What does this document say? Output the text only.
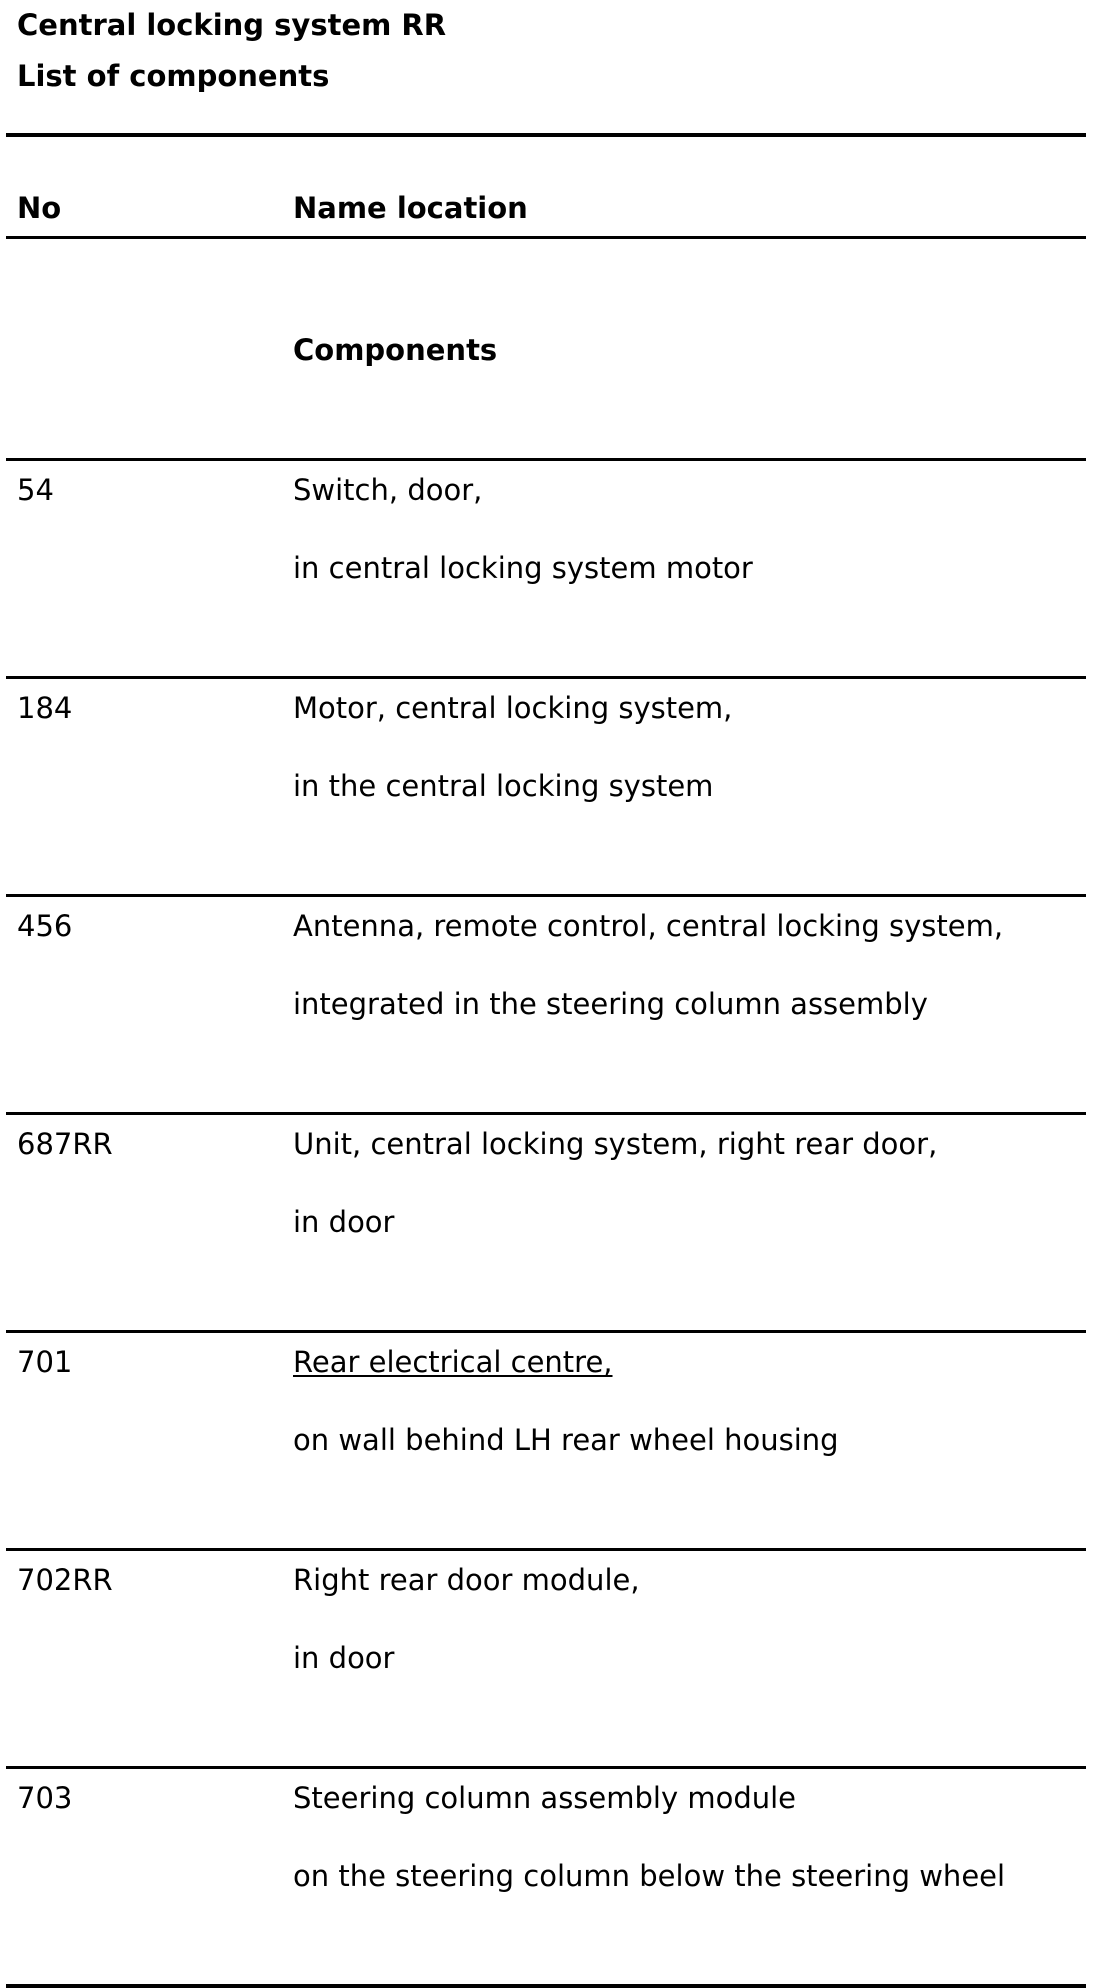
Central locking system RR
List of components
No	Name location
Components
54	Switch, door,
in central locking system motor
184	Motor, central locking system,
in the central locking system
456	Antenna, remote control, central locking system,
integrated in the steering column assembly
687RR	Unit, central locking system, right rear door,
in door
701	Rear electrical centre,
on wall behind LH rear wheel housing
702RR	Right rear door module,
in door
703	Steering column assembly module
on the steering column below the steering wheel
